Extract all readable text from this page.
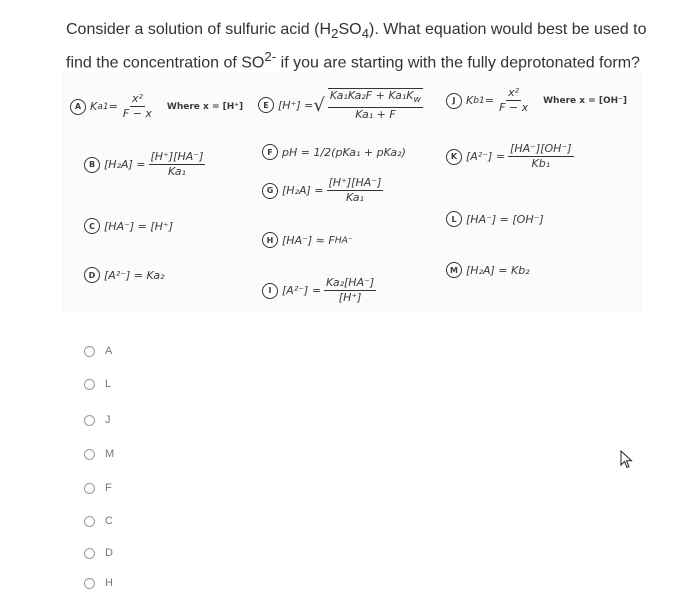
Consider a solution of sulfuric acid $(H_2SO_4)$. What equation would best be used to find the concentration of $SO^{2-}$ if you are starting with the fully deprotonated form?
A K $a1 = \frac{\text{x²}}{F - x}$ Where x = [H⁺]	E [H⁺] = √ $\frac{Ka_1Ka_2F + Ka_1K_w}{\text{Ka₁ + F}}$	J K $b1 = \frac{\text{x²}}{F - x}$ Where x = [OH⁻]
B $[H_2A] = \frac{[H^+][HA^-]}{\text{Ka₁}}$	F pH = 1/2(pKa₁ + pKa₂)	K $[A^{2-}] = \frac{[HA^-][OH^-]}{\text{Kb₁}}$
G $[H_2A] = \frac{[H^+][HA^-]}{\text{Ka₁}}$
C [HA⁻] = [H⁺]
L [HA⁻] = [OH⁻]
H [HA⁻] ≈ F HA⁻
D [A²⁻] = Ka₂	M [H₂A] = Kb₂
I $[A^{2-}] = \frac{\text{Ka₂[HA⁻]}}{[H^+]}$
A
L
J
M
F
C
D
H
